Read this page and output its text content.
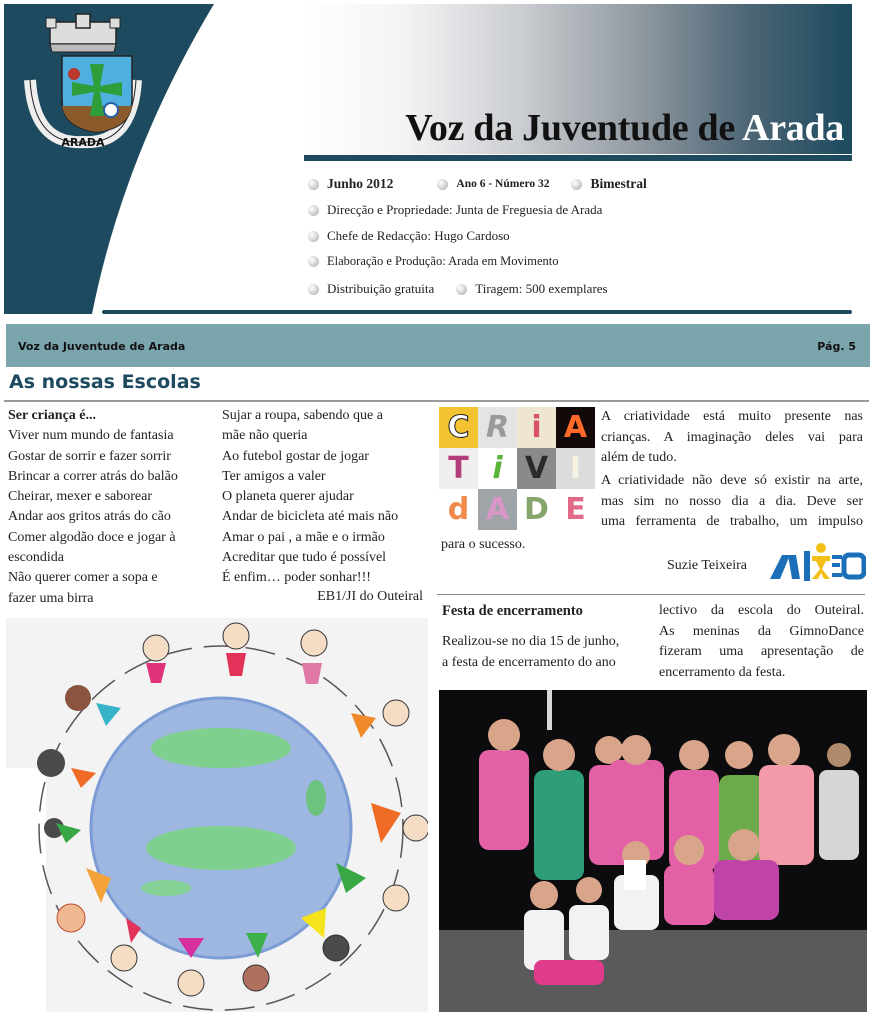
ARADA	Voz da Juventude de Arada
Junho 2012	Ano 6 - Número 32	Bimestral
Direcção e Propriedade: Junta de Freguesia de Arada
Chefe de Redacção: Hugo Cardoso
Elaboração e Produção: Arada em Movimento
Distribuição gratuita	Tiragem: 500 exemplares
Voz da Juventude de Arada	Pág. 5
As nossas Escolas
Ser criança é...
Viver num mundo de fantasia
Gostar de sorrir e fazer sorrir
Brincar a correr atrás do balão
Cheirar, mexer e saborear
Andar aos gritos atrás do cão
Comer algodão doce e jogar à
escondida
Não querer comer a sopa e
fazer uma birra
Sujar a roupa, sabendo que a
mãe não queria
Ao futebol gostar de jogar
Ter amigos a valer
O planeta querer ajudar
Andar de bicicleta até mais não
Amar o pai , a mãe e o irmão
Acreditar que tudo é possível
É enfim… poder sonhar!!!
EB1/JI do Outeiral
C R i A
T i V I
d A D E
A criatividade está muito presente nas
crianças. A imaginação deles vai para
além de tudo.
A criatividade não deve só existir na arte,
mas sim no nosso dia a dia. Deve ser
uma ferramenta de trabalho, um impulso
para o sucesso.
Suzie Teixeira
Festa de encerramento
Realizou-se no dia 15 de junho,
a festa de encerramento do ano
lectivo da escola do Outeiral.
As meninas da GimnoDance
fizeram uma apresentação de
encerramento da festa.
